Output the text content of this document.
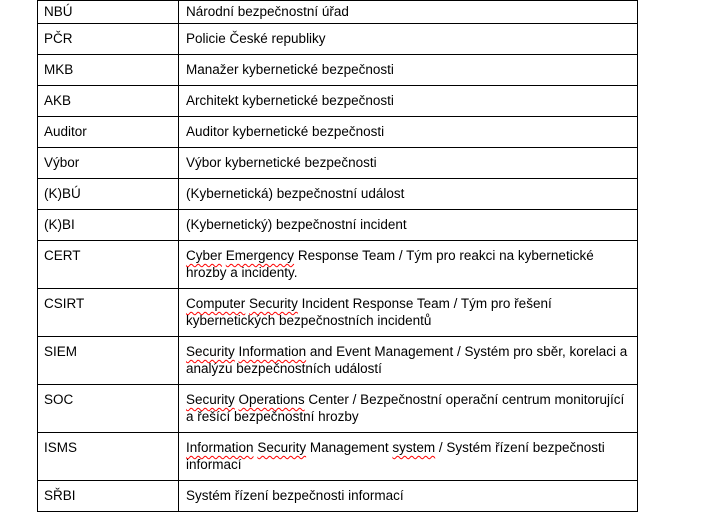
NBÚ	Národní bezpečnostní úřad
PČR	Policie České republiky
MKB	Manažer kybernetické bezpečnosti
AKB	Architekt kybernetické bezpečnosti
Auditor	Auditor kybernetické bezpečnosti
Výbor	Výbor kybernetické bezpečnosti
(K)BÚ	(Kybernetická) bezpečnostní událost
(K)BI	(Kybernetický) bezpečnostní incident
CERT	Cyber Emergency Response Team / Tým pro reakci na kybernetické hrozby a incidenty.
CSIRT	Computer Security Incident Response Team / Tým pro řešení kybernetických bezpečnostních incidentů
SIEM	Security Information and Event Management / Systém pro sběr, korelaci a analýzu bezpečnostních událostí
SOC	Security Operations Center / Bezpečnostní operační centrum monitorující a řešící bezpečnostní hrozby
ISMS	Information Security Management system / Systém řízení bezpečnosti informací
SŘBI	Systém řízení bezpečnosti informací
